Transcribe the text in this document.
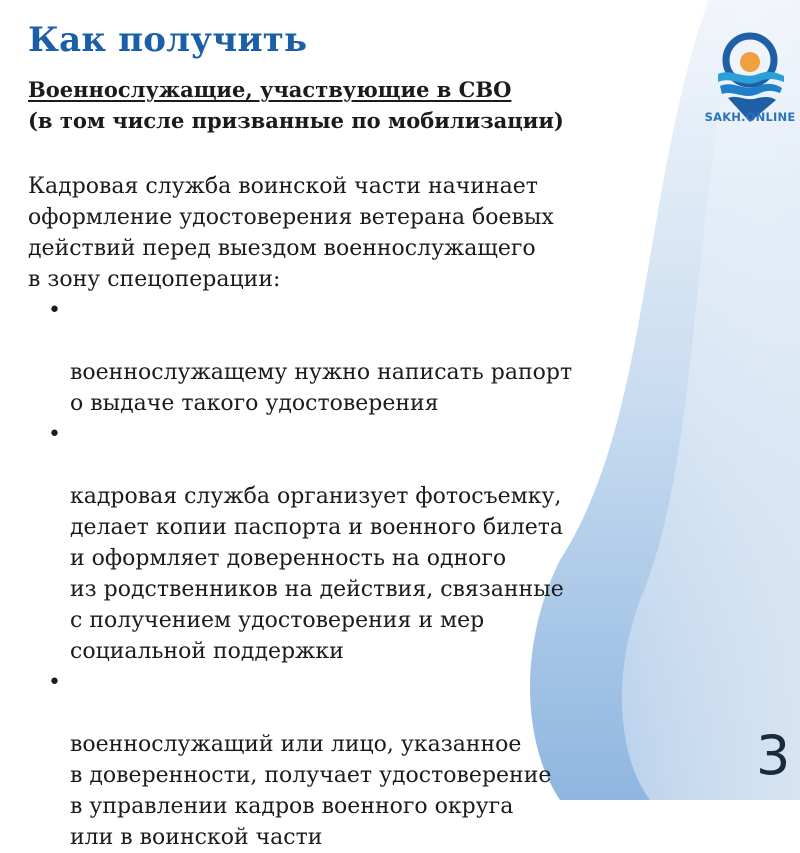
Как получить
Военнослужащие, участвующие в СВО
(в том числе призванные по мобилизации)

Кадровая служба воинской части начинает
оформление удостоверения ветерана боевых
действий перед выездом военнослужащего
в зону спецоперации:

•

военнослужащему нужно написать рапорт
о выдаче такого удостоверения

•

кадровая служба организует фотосъемку,
делает копии паспорта и военного билета
и оформляет доверенность на одного
из родственников на действия, связанные
с получением удостоверения и мер
социальной поддержки

•

военнослужащий или лицо, указанное
в доверенности, получает удостоверение
в управлении кадров военного округа
или в воинской части

SAKH.ONLINE
3
